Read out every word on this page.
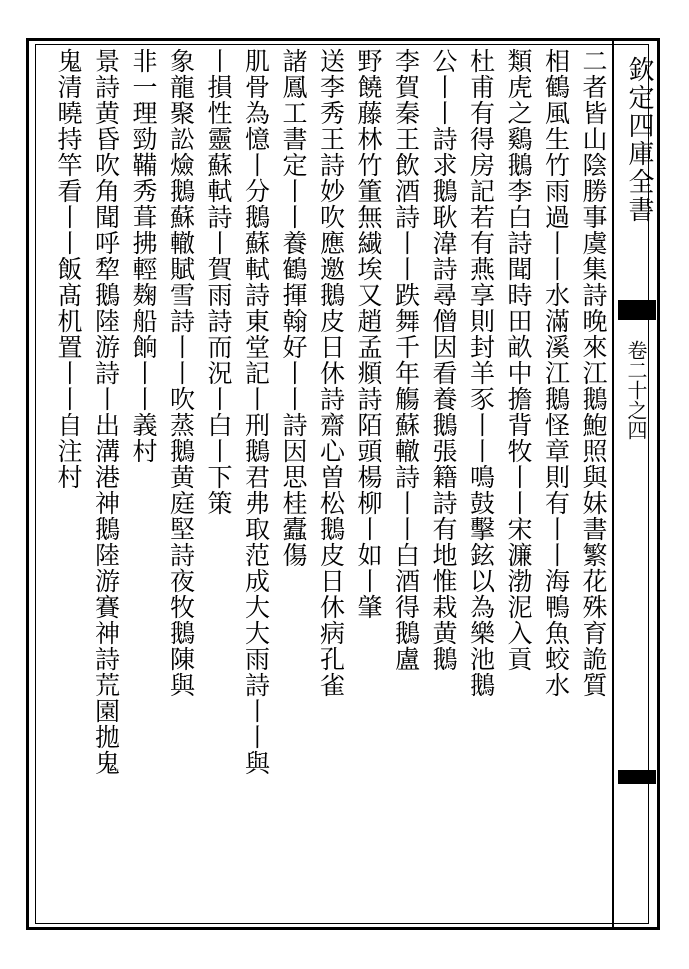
欽定四庫全書
卷二十之四
二者皆山陰勝事虞集詩晚來江鵝鮑照與妹書繁花殊育詭質
相鶴風生竹雨過丨丨水滿溪江鵝怪章則有丨丨海鴨魚蛟水
類虎之鷄鵝李白詩聞時田畝中擔背牧丨丨宋濂渤泥入貢
杜甫有得房記若有燕享則封羊豕丨丨鳴鼓擊鉉以為樂池鵝
公丨丨詩求鵝耿湋詩尋僧因看養鵝張籍詩有地惟栽黄鵝
李賀秦王飲酒詩丨丨跌舞千年觴蘇轍詩丨丨白酒得鵝盧
野饒藤林竹箽無繊埃又趙孟頫詩陌頭楊柳丨如丨肇
送李秀王詩妙吹應邀鵝皮日休詩齋心曽松鵝皮日休病孔雀
諸鳳工書定丨丨養鶴揮翰好丨丨詩因思桂蠹傷
肌骨為憶丨分鵝蘇軾詩東堂記丨刑鵝君弗取范成大大雨詩丨丨與
丨損性靈蘇軾詩丨賀雨詩而況丨白丨下策
象龍聚訟㷿鵝蘇轍賦雪詩丨丨吹蒸鵝黄庭堅詩夜牧鵝陳與
非一理勁鞴秀葺拂輕麹船餉丨丨義村
景詩黄昏吹角聞呼犂鵝陸游詩丨出溝港神鵝陸游賽神詩荒園拋鬼
鬼清曉持竿看丨丨飯髙机置丨丨自注村
